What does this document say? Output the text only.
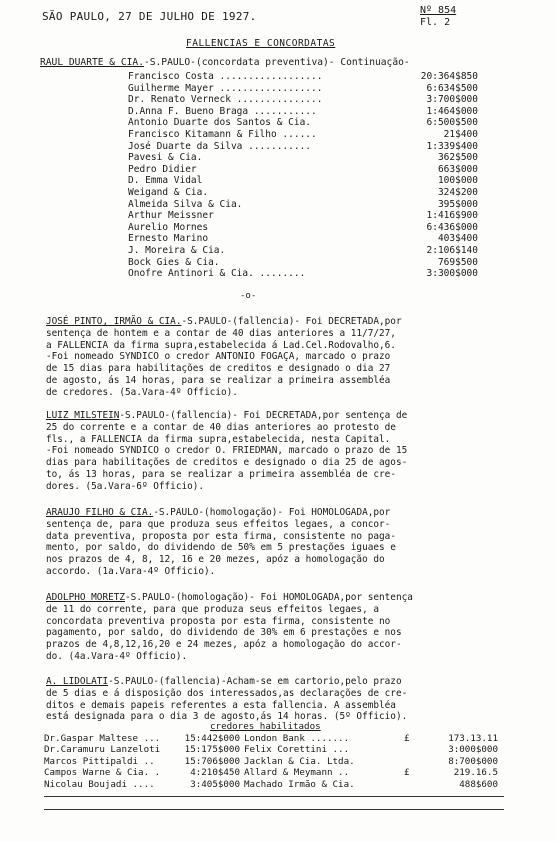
SÃO PAULO, 27 DE JULHO DE 1927.	Nº 854
Fl. 2
FALLENCIAS E CONCORDATAS
RAUL DUARTE & CIA.-S.PAULO-(concordata preventiva)- Continuação-
Francisco Costa ..................	20:364$850
Guilherme Mayer ..................	6:634$500
Dr. Renato Verneck ...............	3:700$000
D.Anna F. Bueno Braga ...........	1:464$000
Antonio Duarte dos Santos & Cia.	6:500$500
Francisco Kitamann & Filho ......	21$400
José Duarte da Silva ...........	1:339$400
Pavesi & Cia.	362$500
Pedro Didier	663$000
D. Emma Vidal	100$000
Weigand & Cia.	324$200
Almeida Silva & Cia.	395$000
Arthur Meissner	1:416$900
Aurelio Mornes	6:436$000
Ernesto Marino	403$400
J. Moreira & Cia.	2:106$140
Bock Gies & Cia.	769$500
Onofre Antinori & Cia. ........	3:300$000
-o-
JOSÉ PINTO, IRMÃO & CIA.-S.PAULO-(fallencia)- Foi DECRETADA,por
sentença de hontem e a contar de 40 dias anteriores a 11/7/27,
a FALLENCIA da firma supra,estabelecida á Lad.Cel.Rodovalho,6.
-Foi nomeado SYNDICO o credor ANTONIO FOGAÇA, marcado o prazo
de 15 dias para habilitações de creditos e designado o dia 27
de agosto, ás 14 horas, para se realizar a primeira assembléa
de credores. (5a.Vara-4º Officio).
LUIZ MILSTEIN-S.PAULO-(fallencia)- Foi DECRETADA,por sentença de
25 do corrente e a contar de 40 dias anteriores ao protesto de
fls., a FALLENCIA da firma supra,estabelecida, nesta Capital.
-Foi nomeado SYNDICO o credor O. FRIEDMAN, marcado o prazo de 15
dias para habilitações de creditos e designado o dia 25 de agos-
to, ás 13 horas, para se realizar a primeira assembléa de cre-
dores. (5a.Vara-6º Officio).
ARAUJO FILHO & CIA.-S.PAULO-(homologação)- Foi HOMOLOGADA,por
sentença de, para que produza seus effeitos legaes, a concor-
data preventiva, proposta por esta firma, consistente no paga-
mento, por saldo, do dividendo de 50% em 5 prestações iguaes e
nos prazos de 4, 8, 12, 16 e 20 mezes, apóz a homologação do
accordo. (1a.Vara-4º Officio).
ADOLPHO MORETZ-S.PAULO-(homologação)- Foi HOMOLOGADA,por sentença
de 11 do corrente, para que produza seus effeitos legaes, a
concordata preventiva proposta por esta firma, consistente no
pagamento, por saldo, do dividendo de 30% em 6 prestações e nos
prazos de 4,8,12,16,20 e 24 mezes, apóz a homologação do accor-
do. (4a.Vara-4º Officio).
A. LIDOLATI-S.PAULO-(fallencia)-Acham-se em cartorio,pelo prazo
de 5 dias e á disposição dos interessados,as declarações de cre-
ditos e demais papeis referentes a esta fallencia. A assembléa
está designada para o dia 3 de agosto,ás 14 horas. (5º Officio).
credores habilitados
Dr.Gaspar Maltese ...	15:442$000 London Bank .......	£	173.13.11
Dr.Caramuru Lanzeloti	15:175$000 Felix Corettini ...	3:000$000
Marcos Pittipaldi ..	15:706$000 Jacklan & Cia. Ltda.	8:700$000
Campos Warne & Cia. .	4:210$450 Allard & Meymann ..	£	219.16.5
Nicolau Boujadi ....	3:405$000 Machado Irmão & Cia.	488$600
